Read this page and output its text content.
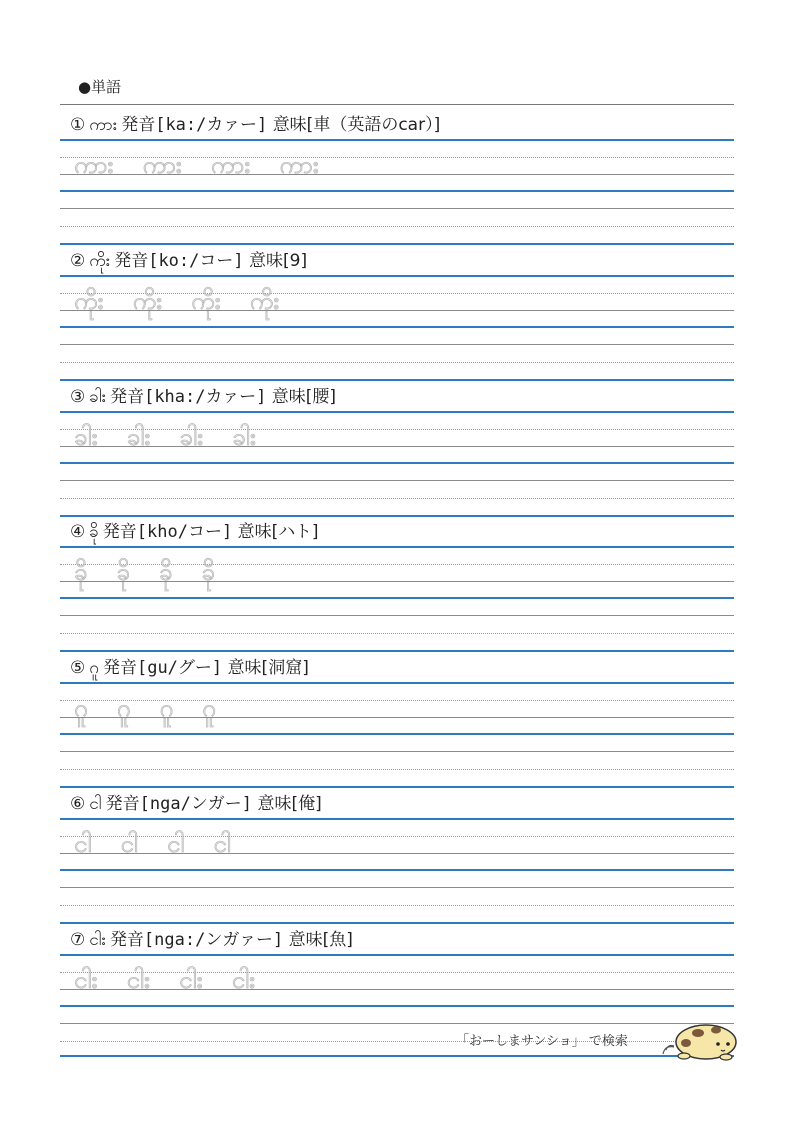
●単語
① ကား 発音[ka:/カァー] 意味[車（英語のcar）]
ကား ကား ကား ကား
② ကိုး 発音[ko:/コー] 意味[9]
ကိုး ကိုး ကိုး ကိုး
③ ခါး 発音[kha:/カァー] 意味[腰]
ခါး ခါး ခါး ခါး
④ ခို 発音[kho/コー] 意味[ハト]
ခို ခို ခို ခို
⑤ ဂူ 発音[gu/グー] 意味[洞窟]
ဂူ ဂူ ဂူ ဂူ
⑥ ငါ 発音[nga/ンガー] 意味[俺]
ငါ ငါ ငါ ငါ
⑦ ငါး 発音[nga:/ンガァー] 意味[魚]
ငါး ငါး ငါး ငါး
「おーしまサンショ」 で検索
